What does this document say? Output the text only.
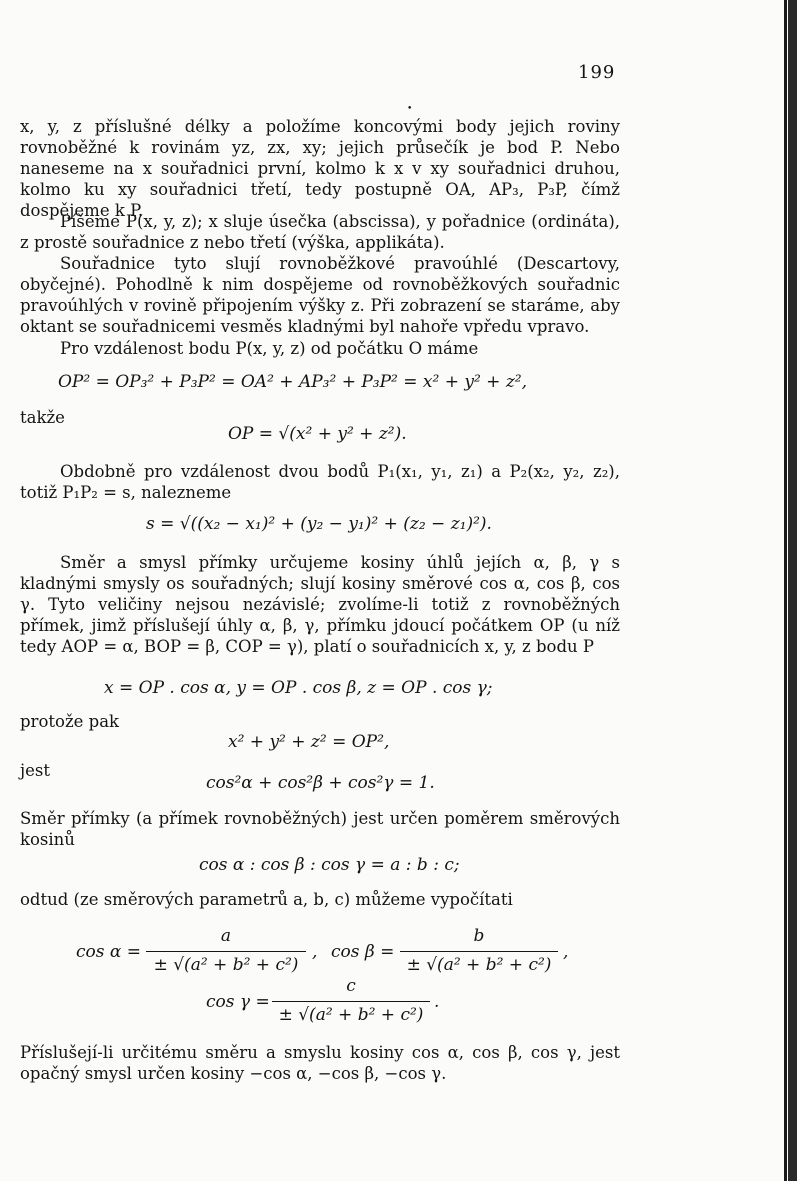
199
•

x, y, z příslušné délky a položíme koncovými body jejich roviny rovnoběžné k rovinám yz, zx, xy; jejich průsečík je bod P. Nebo naneseme na x souřadnici první, kolmo k x v xy souřadnici druhou, kolmo ku xy souřadnici třetí, tedy postupně OA, AP₃, P₃P, čímž dospějeme k P.

Píšeme P(x, y, z); x sluje úsečka (abscissa), y pořadnice (ordináta), z prostě souřadnice z nebo třetí (výška, applikáta).

Souřadnice tyto slují rovnoběžkové pravoúhlé (Descartovy, obyčejné). Pohodlně k nim dospějeme od rovnoběžkových souřadnic pravoúhlých v rovině připojením výšky z. Při zobrazení se staráme, aby oktant se souřadnicemi vesměs kladnými byl nahoře vpředu vpravo.

Pro vzdálenost bodu P(x, y, z) od počátku O máme

OP² = OP₃² + P₃P² = OA² + AP₃² + P₃P² = x² + y² + z²,
takže
OP = √(x² + y² + z²).

Obdobně pro vzdálenost dvou bodů P₁(x₁, y₁, z₁) a P₂(x₂, y₂, z₂), totiž P₁P₂ = s, nalezneme

s = √((x₂ − x₁)² + (y₂ − y₁)² + (z₂ − z₁)²).

Směr a smysl přímky určujeme kosiny úhlů jejích α, β, γ s kladnými smysly os souřadných; slují kosiny směrové cos α, cos β, cos γ. Tyto veličiny nejsou nezávislé; zvolíme-li totiž z rovnoběžných přímek, jimž příslušejí úhly α, β, γ, přímku jdoucí počátkem OP (u níž tedy AOP = α, BOP = β, COP = γ), platí o souřadnicích x, y, z bodu P

x = OP . cos α, y = OP . cos β, z = OP . cos γ;
protože pak
x² + y² + z² = OP²,
jest
cos²α + cos²β + cos²γ = 1.

Směr přímky (a přímek rovnoběžných) jest určen poměrem směrových kosinů

cos α : cos β : cos γ = a : b : c;

odtud (ze směrových parametrů a, b, c) můžeme vypočítati

cos α =
a
± √(a² + b² + c²)
, cos β =
b
± √(a² + b² + c²)
,
cos γ =
c
± √(a² + b² + c²)
.

Příslušejí-li určitému směru a smyslu kosiny cos α, cos β, cos γ, jest opačný smysl určen kosiny −cos α, −cos β, −cos γ.
